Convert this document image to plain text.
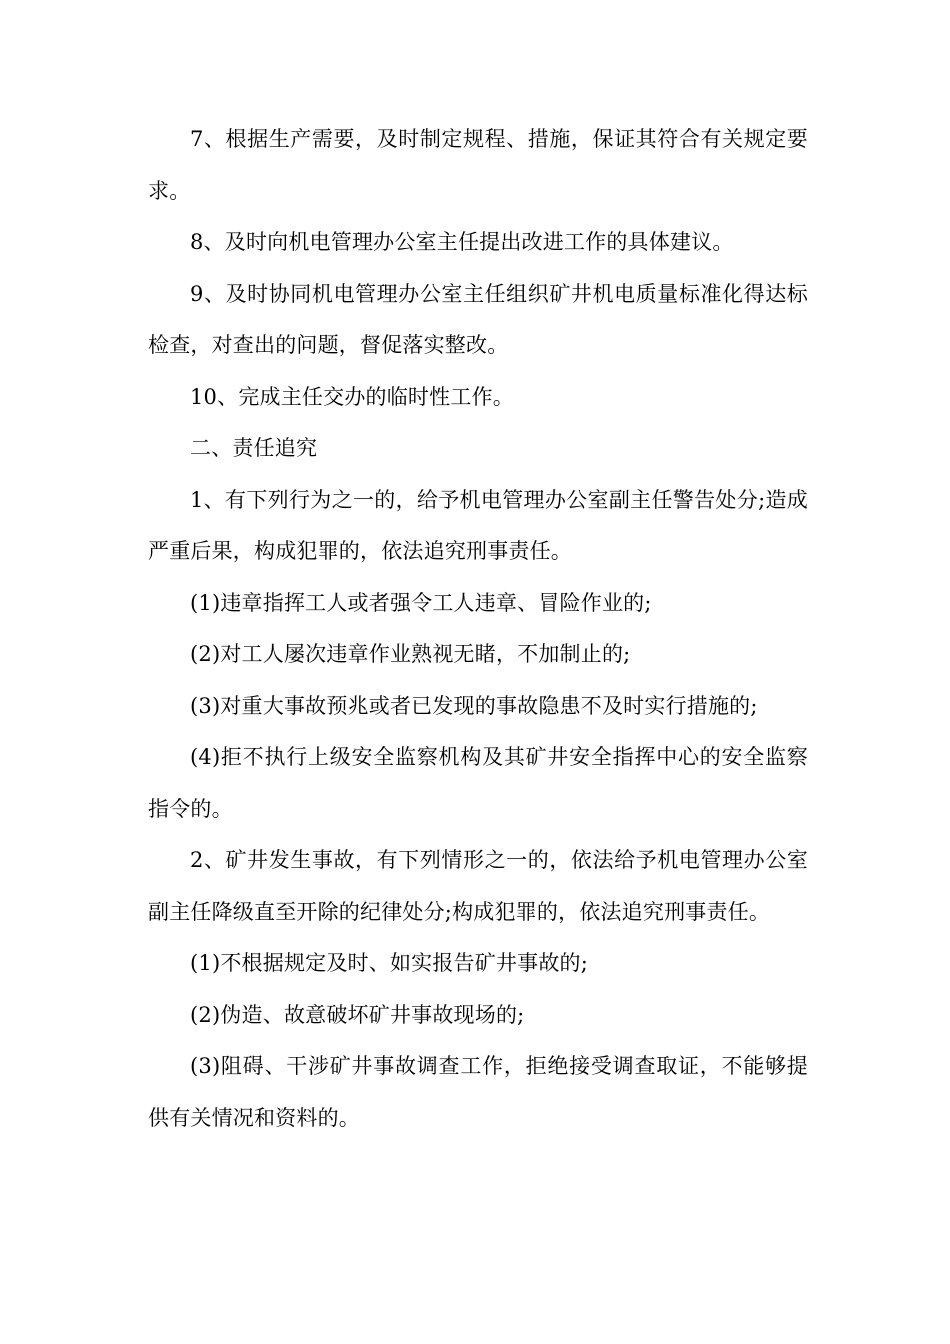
7、根据生产需要，及时制定规程、措施，保证其符合有关规定要求。

8、及时向机电管理办公室主任提出改进工作的具体建议。

9、及时协同机电管理办公室主任组织矿井机电质量标准化得达标检查，对查出的问题，督促落实整改。

10、完成主任交办的临时性工作。

二、责任追究

1、有下列行为之一的，给予机电管理办公室副主任警告处分;造成严重后果，构成犯罪的，依法追究刑事责任。

(1)违章指挥工人或者强令工人违章、冒险作业的;

(2)对工人屡次违章作业熟视无睹，不加制止的;

(3)对重大事故预兆或者已发现的事故隐患不及时实行措施的;

(4)拒不执行上级安全监察机构及其矿井安全指挥中心的安全监察指令的。

2、矿井发生事故，有下列情形之一的，依法给予机电管理办公室副主任降级直至开除的纪律处分;构成犯罪的，依法追究刑事责任。

(1)不根据规定及时、如实报告矿井事故的;

(2)伪造、故意破坏矿井事故现场的;

(3)阻碍、干涉矿井事故调查工作，拒绝接受调查取证，不能够提供有关情况和资料的。
